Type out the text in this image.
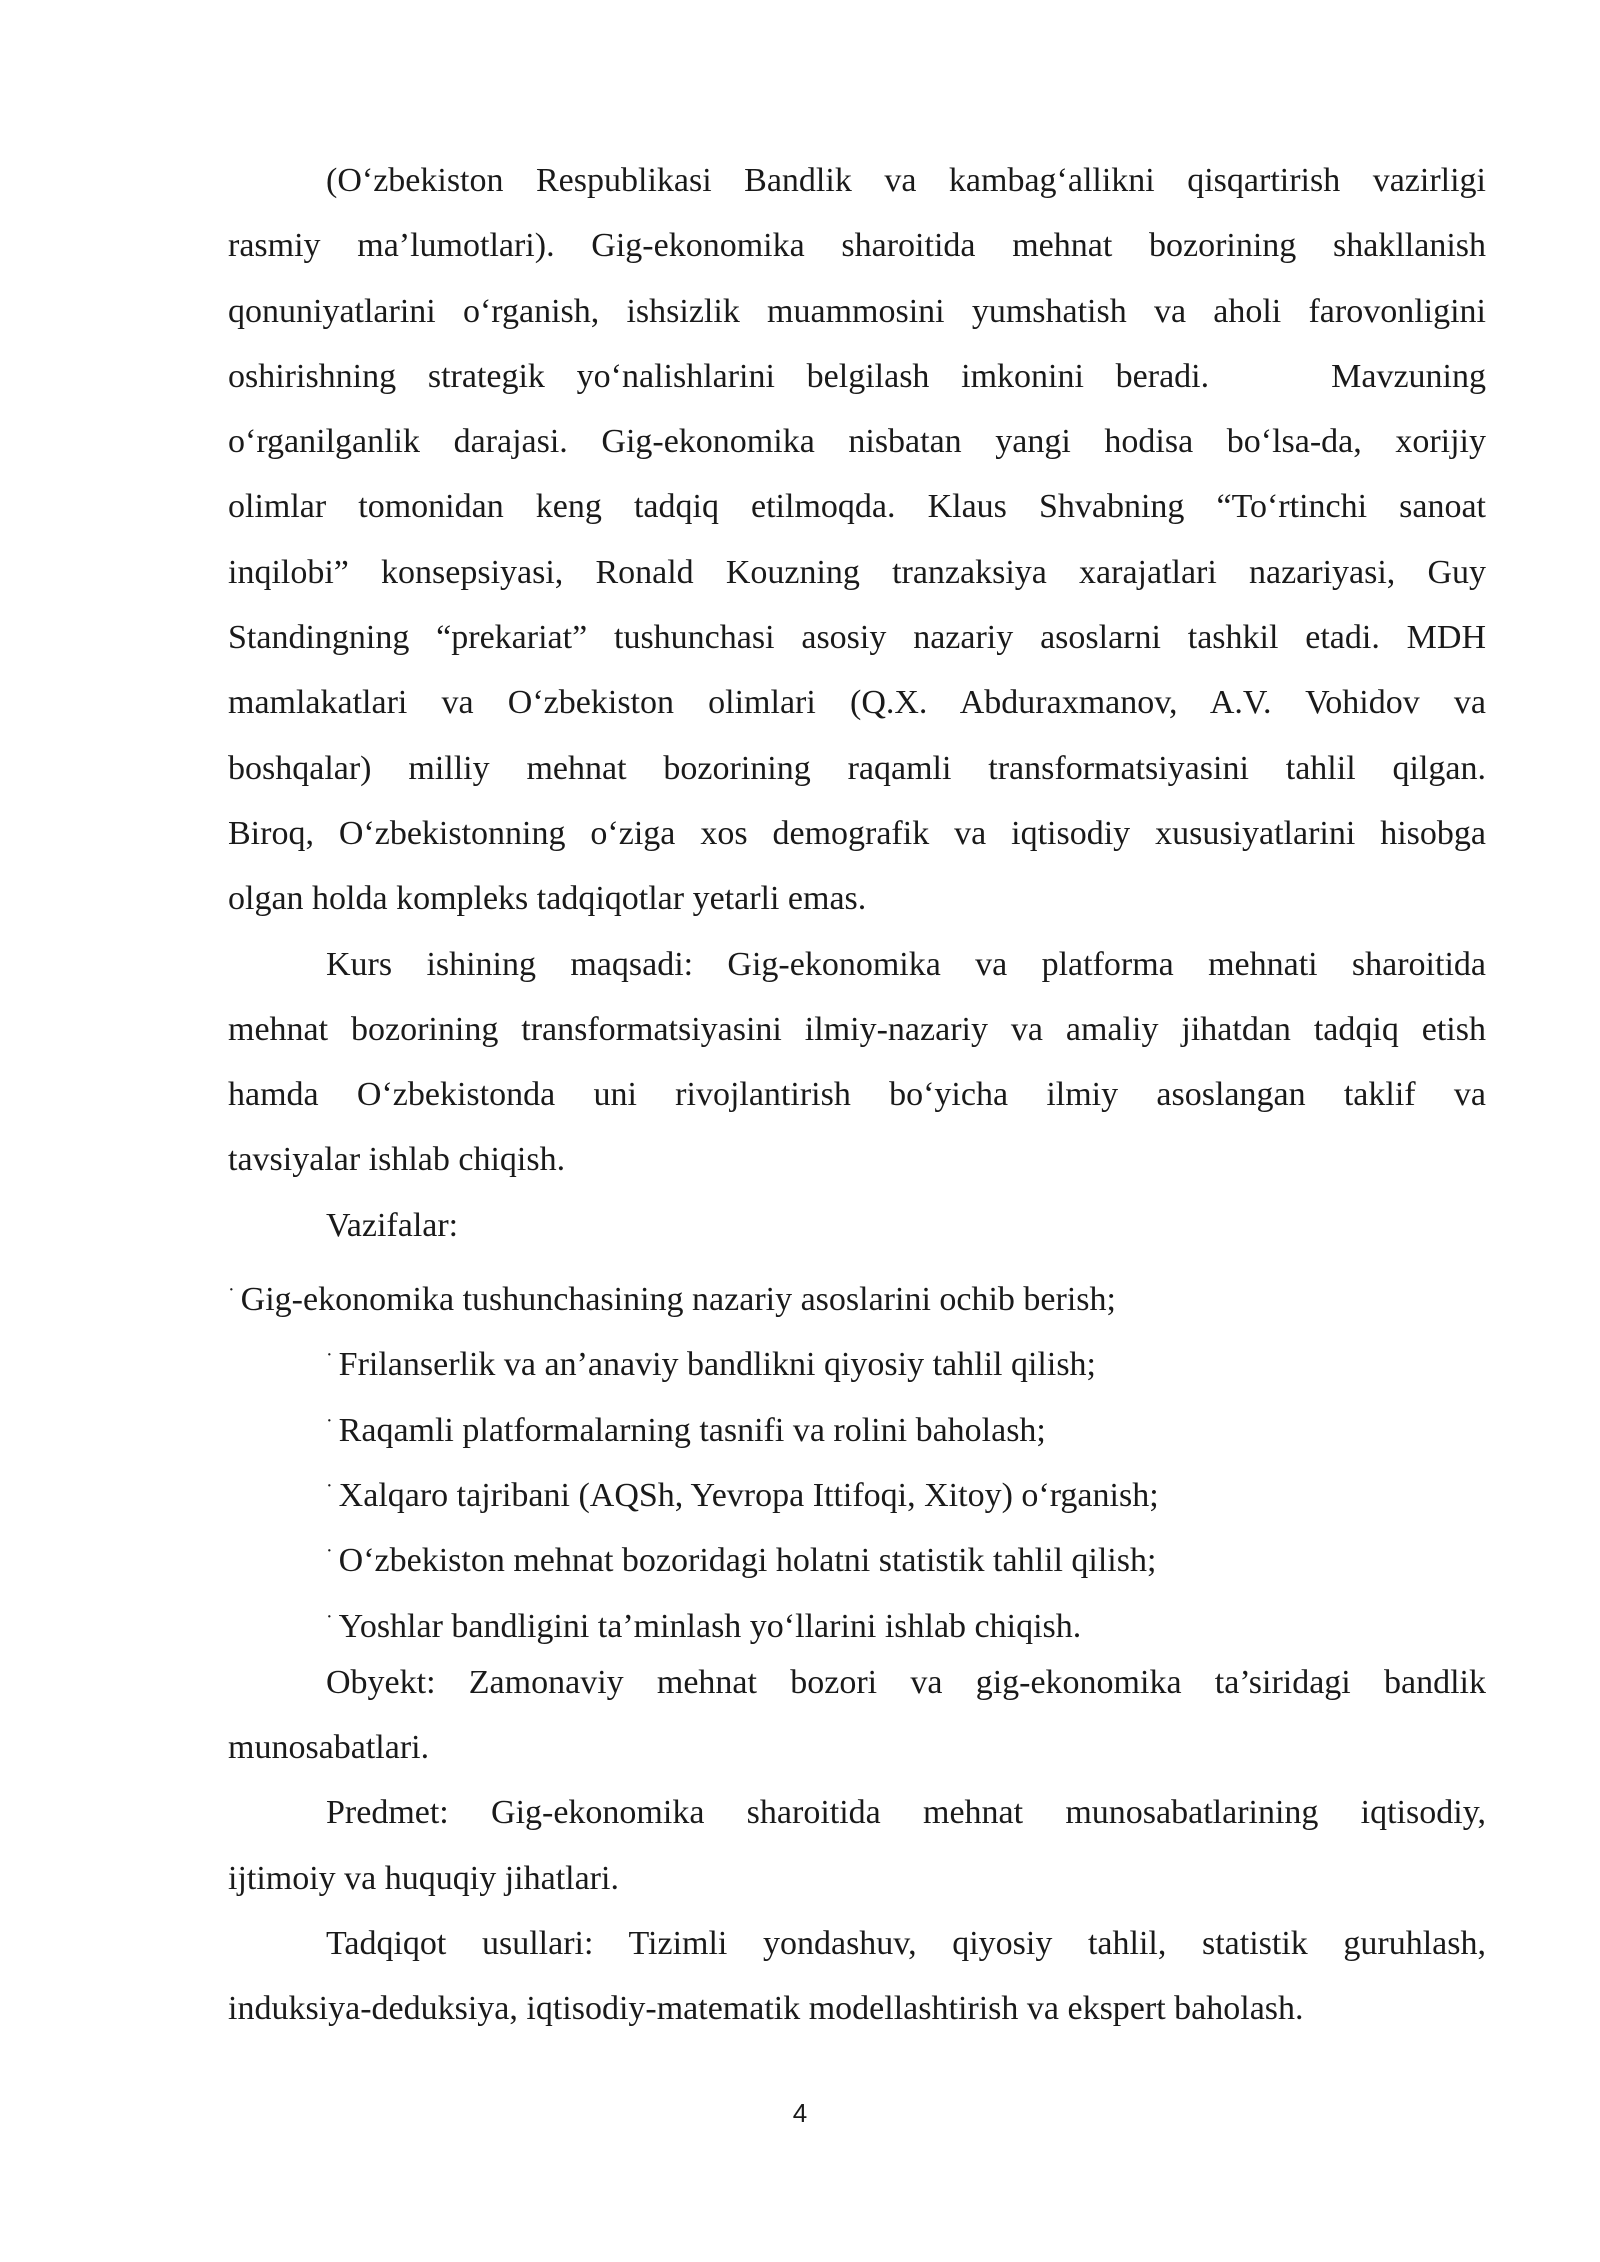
(O‘zbekiston Respublikasi Bandlik va kambag‘allikni qisqartirish vazirligi
rasmiy ma’lumotlari). Gig-ekonomika sharoitida mehnat bozorining shakllanish
qonuniyatlarini o‘rganish, ishsizlik muammosini yumshatish va aholi farovonligini
oshirishning strategik yo‘nalishlarini belgilash imkonini beradi.	Mavzuning
o‘rganilganlik darajasi. Gig-ekonomika nisbatan yangi hodisa bo‘lsa-da, xorijiy
olimlar tomonidan keng tadqiq etilmoqda. Klaus Shvabning “To‘rtinchi sanoat
inqilobi” konsepsiyasi, Ronald Kouzning tranzaksiya xarajatlari nazariyasi, Guy
Standingning “prekariat” tushunchasi asosiy nazariy asoslarni tashkil etadi. MDH
mamlakatlari va O‘zbekiston olimlari (Q.X. Abduraxmanov, A.V. Vohidov va
boshqalar) milliy mehnat bozorining raqamli transformatsiyasini tahlil qilgan.
Biroq, O‘zbekistonning o‘ziga xos demografik va iqtisodiy xususiyatlarini hisobga
olgan holda kompleks tadqiqotlar yetarli emas.
Kurs ishining maqsadi: Gig-ekonomika va platforma mehnati sharoitida
mehnat bozorining transformatsiyasini ilmiy-nazariy va amaliy jihatdan tadqiq etish
hamda O‘zbekistonda uni rivojlantirish bo‘yicha ilmiy asoslangan taklif va
tavsiyalar ishlab chiqish.
Vazifalar:
· Gig-ekonomika tushunchasining nazariy asoslarini ochib berish;
· Frilanserlik va an’anaviy bandlikni qiyosiy tahlil qilish;
· Raqamli platformalarning tasnifi va rolini baholash;
· Xalqaro tajribani (AQSh, Yevropa Ittifoqi, Xitoy) o‘rganish;
· O‘zbekiston mehnat bozoridagi holatni statistik tahlil qilish;
· Yoshlar bandligini ta’minlash yo‘llarini ishlab chiqish.
Obyekt: Zamonaviy mehnat bozori va gig-ekonomika ta’siridagi bandlik
munosabatlari.
Predmet: Gig-ekonomika sharoitida mehnat munosabatlarining iqtisodiy,
ijtimoiy va huquqiy jihatlari.
Tadqiqot usullari: Tizimli yondashuv, qiyosiy tahlil, statistik guruhlash,
induksiya-deduksiya, iqtisodiy-matematik modellashtirish va ekspert baholash.
4
